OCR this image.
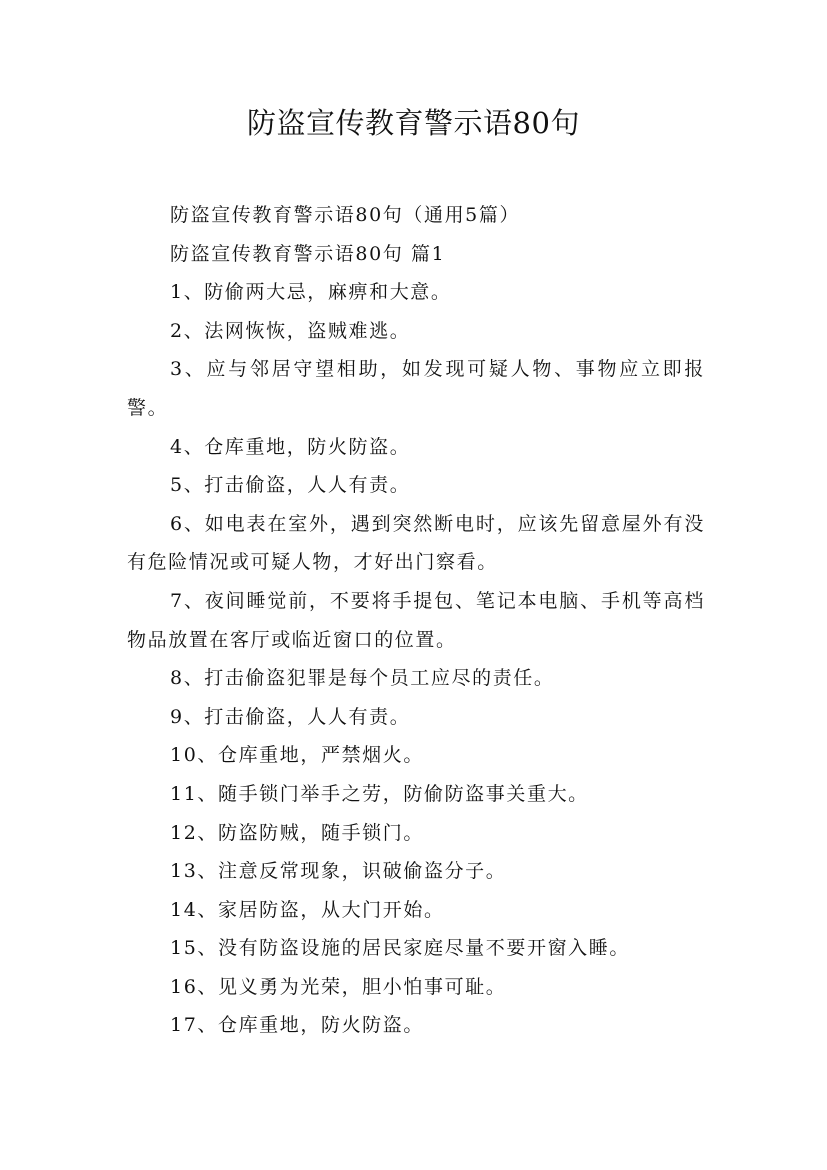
防盗宣传教育警示语80句

防盗宣传教育警示语80句（通用5篇）

防盗宣传教育警示语80句 篇1

1、防偷两大忌，麻痹和大意。

2、法网恢恢，盗贼难逃。

3、应与邻居守望相助，如发现可疑人物、事物应立即报警。

4、仓库重地，防火防盗。

5、打击偷盗，人人有责。

6、如电表在室外，遇到突然断电时，应该先留意屋外有没有危险情况或可疑人物，才好出门察看。

7、夜间睡觉前，不要将手提包、笔记本电脑、手机等高档物品放置在客厅或临近窗口的位置。

8、打击偷盗犯罪是每个员工应尽的责任。

9、打击偷盗，人人有责。

10、仓库重地，严禁烟火。

11、随手锁门举手之劳，防偷防盗事关重大。

12、防盗防贼，随手锁门。

13、注意反常现象，识破偷盗分子。

14、家居防盗，从大门开始。

15、没有防盗设施的居民家庭尽量不要开窗入睡。

16、见义勇为光荣，胆小怕事可耻。

17、仓库重地，防火防盗。
